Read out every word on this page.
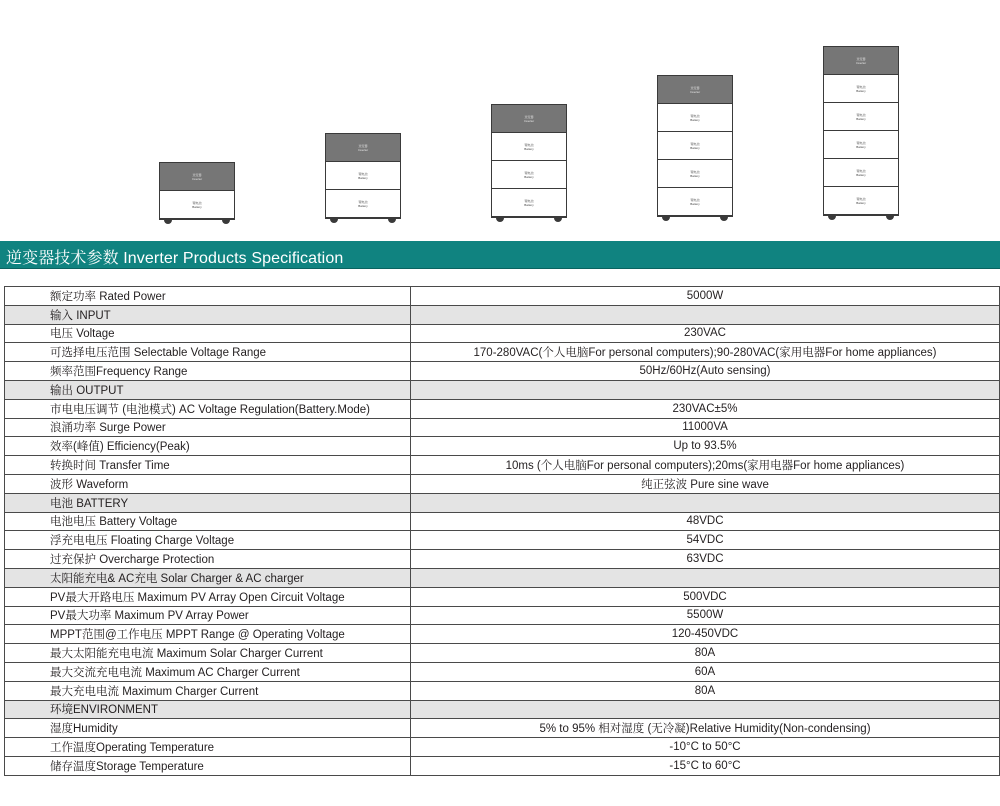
逆变器
Inverter
锂电池
Battery
逆变器
Inverter
锂电池
Battery
锂电池
Battery
逆变器
Inverter
锂电池
Battery
锂电池
Battery
锂电池
Battery
逆变器
Inverter
锂电池
Battery
锂电池
Battery
锂电池
Battery
锂电池
Battery
逆变器
Inverter
锂电池
Battery
锂电池
Battery
锂电池
Battery
锂电池
Battery
锂电池
Battery
逆变器技术参数 Inverter Products Specification
额定功率 Rated Power	5000W
输入 INPUT	
电压 Voltage	230VAC
可选择电压范围 Selectable Voltage Range	170-280VAC(个人电脑For personal computers);90-280VAC(家用电器For home appliances)
频率范围Frequency Range	50Hz/60Hz(Auto sensing)
输出 OUTPUT	
市电电压调节 (电池模式) AC Voltage Regulation(Battery.Mode)	230VAC±5%
浪涌功率 Surge Power	11000VA
效率(峰值) Efficiency(Peak)	Up to 93.5%
转换时间 Transfer Time	10ms (个人电脑For personal computers);20ms(家用电器For home appliances)
波形 Waveform	纯正弦波 Pure sine wave
电池 BATTERY	
电池电压 Battery Voltage	48VDC
浮充电电压 Floating Charge Voltage	54VDC
过充保护 Overcharge Protection	63VDC
太阳能充电& AC充电 Solar Charger & AC charger	
PV最大开路电压 Maximum PV Array Open Circuit Voltage	500VDC
PV最大功率 Maximum PV Array Power	5500W
MPPT范围@工作电压 MPPT Range @ Operating Voltage	120-450VDC
最大太阳能充电电流 Maximum Solar Charger Current	80A
最大交流充电电流 Maximum AC Charger Current	60A
最大充电电流 Maximum Charger Current	80A
环境ENVIRONMENT	
湿度Humidity	5% to 95% 相对湿度 (无冷凝)Relative Humidity(Non-condensing)
工作温度Operating Temperature	-10°C to 50°C
储存温度Storage Temperature	-15°C to 60°C
